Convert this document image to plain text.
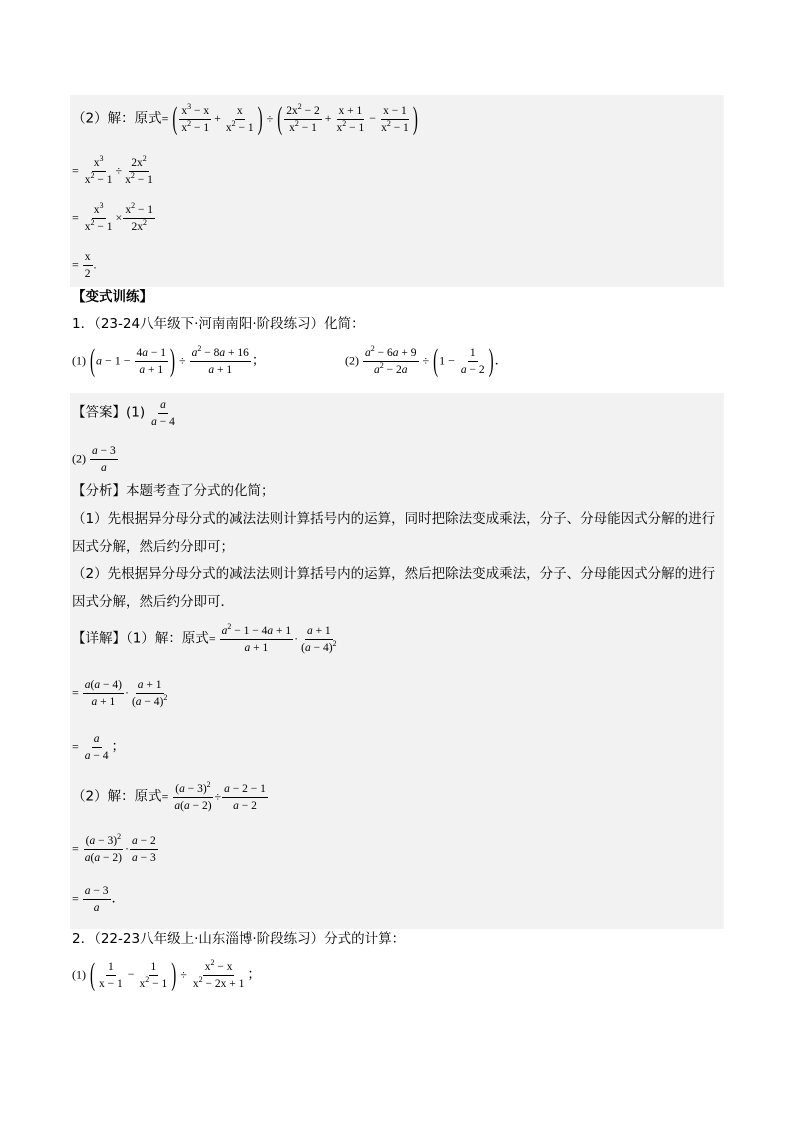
（2）解：原式= ( $\frac{x^3 - x}{x^2 - 1} + \frac{x}{x^2 - 1}$ ) ÷ ( $\frac{2x^2 - 2}{x^2 - 1} + \frac{x + 1}{x^2 - 1} - \frac{x - 1}{x^2 - 1}$ )
= $\frac{x^3}{x^2 - 1} \div \frac{2x^2}{x^2 - 1}$
= $\frac{x^3}{x^2 - 1} \times \frac{x^2 - 1}{2x^2}$
= $\frac{x}{2}$ .
【变式训练】
1．（23-24八年级下·河南南阳·阶段练习）化简：
(1) ($a - 1 - \frac{4a - 1}{a + 1}$ ) ÷ $\frac{a^2 - 8a + 16}{a + 1}$ ；	$(2) \frac{a^2 - 6a + 9}{a^2 - 2a} \div (1 - \frac{1}{a - 2}$ )．
【答案】$(1) \frac{a}{a - 4}$
$(2) \frac{a - 3}{a}$
【分析】本题考查了分式的化简；
（1）先根据异分母分式的减法法则计算括号内的运算，同时把除法变成乘法，分子、分母能因式分解的进行因式分解，然后约分即可；
（2）先根据异分母分式的减法法则计算括号内的运算，然后把除法变成乘法，分子、分母能因式分解的进行因式分解，然后约分即可．
【详解】（1）解：原式= $\frac{a^2 - 1 - 4a + 1}{a + 1} \cdot \frac{a + 1}{(a - 4)^2}$
= $\frac{a(a - 4)}{a + 1} \cdot \frac{a + 1}{(a - 4)^2}$
= $\frac{a}{a - 4}$ ；
（2）解：原式= $\frac{(a - 3)^2}{a(a - 2)} \div \frac{a - 2 - 1}{a - 2}$
= $\frac{(a - 3)^2}{a(a - 2)} \cdot \frac{a - 2}{a - 3}$
= $\frac{a - 3}{a}$ ．
2．（22-23八年级上·山东淄博·阶段练习）分式的计算：
(1) ( $\frac{1}{x - 1} - \frac{1}{x^2 - 1}$ ) ÷ $\frac{x^2 - x}{x^2 - 2x + 1}$ ；
